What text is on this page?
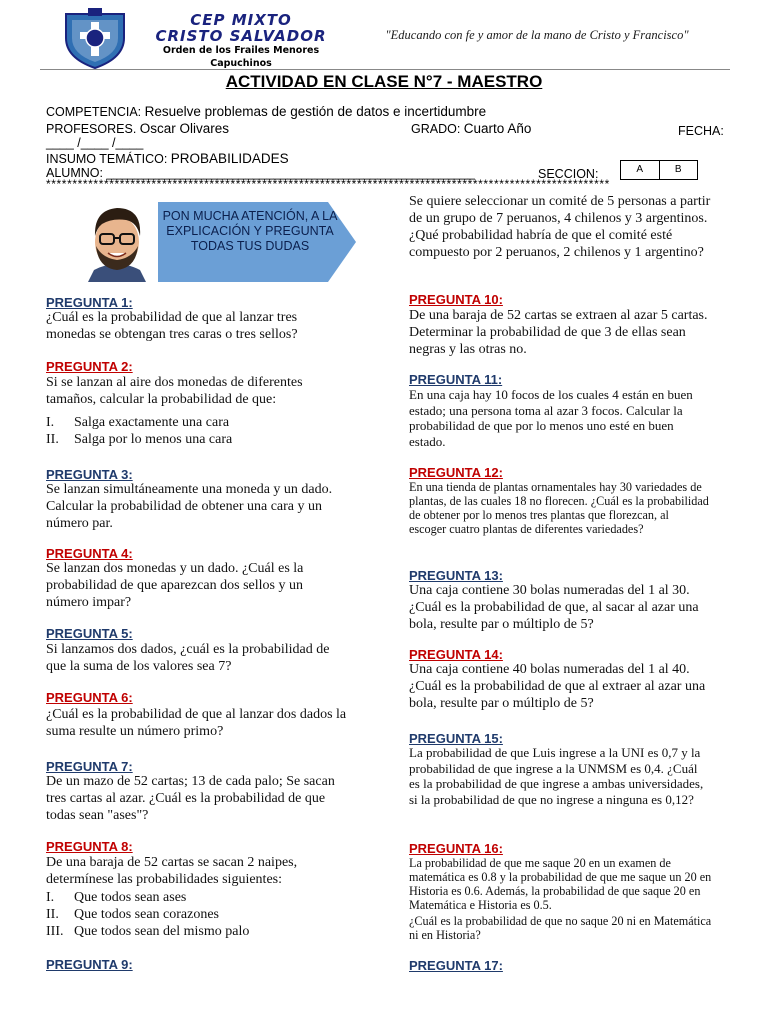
CEP MIXTO
CRISTO SALVADOR
Orden de los Frailes Menores Capuchinos
"Educando con fe y amor de la mano de Cristo y Francisco"
ACTIVIDAD EN CLASE N°7 - MAESTRO
COMPETENCIA: Resuelve problemas de gestión de datos e incertidumbre
PROFESORES. Oscar Olivares	GRADO: Cuarto Año	FECHA:
____ /____ /____
INSUMO TEMÁTICO: PROBABILIDADES
ALUMNO: _____________________________________________________	SECCION:	A	B
***********************************************************************************************************
PON MUCHA ATENCIÓN, A LA EXPLICACIÓN Y PREGUNTA TODAS TUS DUDAS
PREGUNTA 1:
¿Cuál es la probabilidad de que al lanzar tres monedas se obtengan tres caras o tres sellos?
PREGUNTA 2:
Si se lanzan al aire dos monedas de diferentes tamaños, calcular la probabilidad de que:
I.	Salga exactamente una cara
II.	Salga por lo menos una cara
PREGUNTA 3:
Se lanzan simultáneamente una moneda y un dado. Calcular la probabilidad de obtener una cara y un número par.
PREGUNTA 4:
Se lanzan dos monedas y un dado. ¿Cuál es la probabilidad de que aparezcan dos sellos y un número impar?
PREGUNTA 5:
Si lanzamos dos dados, ¿cuál es la probabilidad de que la suma de los valores sea 7?
PREGUNTA 6:
¿Cuál es la probabilidad de que al lanzar dos dados la suma resulte un número primo?
PREGUNTA 7:
De un mazo de 52 cartas; 13 de cada palo; Se sacan tres cartas al azar. ¿Cuál es la probabilidad de que todas sean "ases"?
PREGUNTA 8:
De una baraja de 52 cartas se sacan 2 naipes, determínese las probabilidades siguientes:
I.	Que todos sean ases
II.	Que todos sean corazones
III. Que todos sean del mismo palo
PREGUNTA 9:
Se quiere seleccionar un comité de 5 personas a partir de un grupo de 7 peruanos, 4 chilenos y 3 argentinos. ¿Qué probabilidad habría de que el comité esté compuesto por 2 peruanos, 2 chilenos y 1 argentino?
PREGUNTA 10:
De una baraja de 52 cartas se extraen al azar 5 cartas. Determinar la probabilidad de que 3 de ellas sean negras y las otras no.
PREGUNTA 11:
En una caja hay 10 focos de los cuales 4 están en buen estado; una persona toma al azar 3 focos. Calcular la probabilidad de que por lo menos uno esté en buen estado.
PREGUNTA 12:
En una tienda de plantas ornamentales hay 30 variedades de plantas, de las cuales 18 no florecen. ¿Cuál es la probabilidad de obtener por lo menos tres plantas que florezcan, al escoger cuatro plantas de diferentes variedades?
PREGUNTA 13:
Una caja contiene 30 bolas numeradas del 1 al 30. ¿Cuál es la probabilidad de que, al sacar al azar una bola, resulte par o múltiplo de 5?
PREGUNTA 14:
Una caja contiene 40 bolas numeradas del 1 al 40. ¿Cuál es la probabilidad de que al extraer al azar una bola, resulte par o múltiplo de 5?
PREGUNTA 15:
La probabilidad de que Luis ingrese a la UNI es 0,7 y la probabilidad de que ingrese a la UNMSM es 0,4. ¿Cuál es la probabilidad de que ingrese a ambas universidades, si la probabilidad de que no ingrese a ninguna es 0,12?
PREGUNTA 16:
La probabilidad de que me saque 20 en un examen de matemática es 0.8 y la probabilidad de que me saque un 20 en Historia es 0.6. Además, la probabilidad de que saque 20 en Matemática e Historia es 0.5.
¿Cuál es la probabilidad de que no saque 20 ni en Matemática ni en Historia?
PREGUNTA 17:
